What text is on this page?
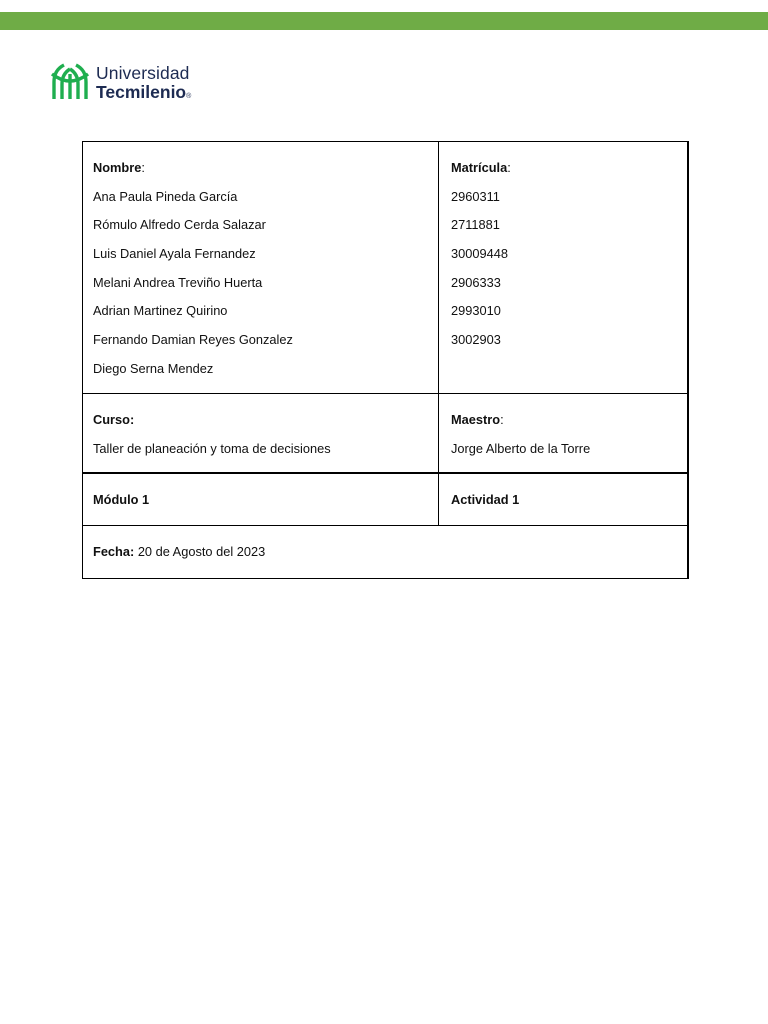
Universidad
Tecmilenio®
Nombre:
Ana Paula Pineda García
Rómulo Alfredo Cerda Salazar
Luis Daniel Ayala Fernandez
Melani Andrea Treviño Huerta
Adrian Martinez Quirino
Fernando Damian Reyes Gonzalez
Diego Serna Mendez
Matrícula:
2960311
2711881
30009448
2906333
2993010
3002903
Curso:
Taller de planeación y toma de decisiones
Maestro:
Jorge Alberto de la Torre
Módulo 1	Actividad 1
Fecha: 20 de Agosto del 2023
